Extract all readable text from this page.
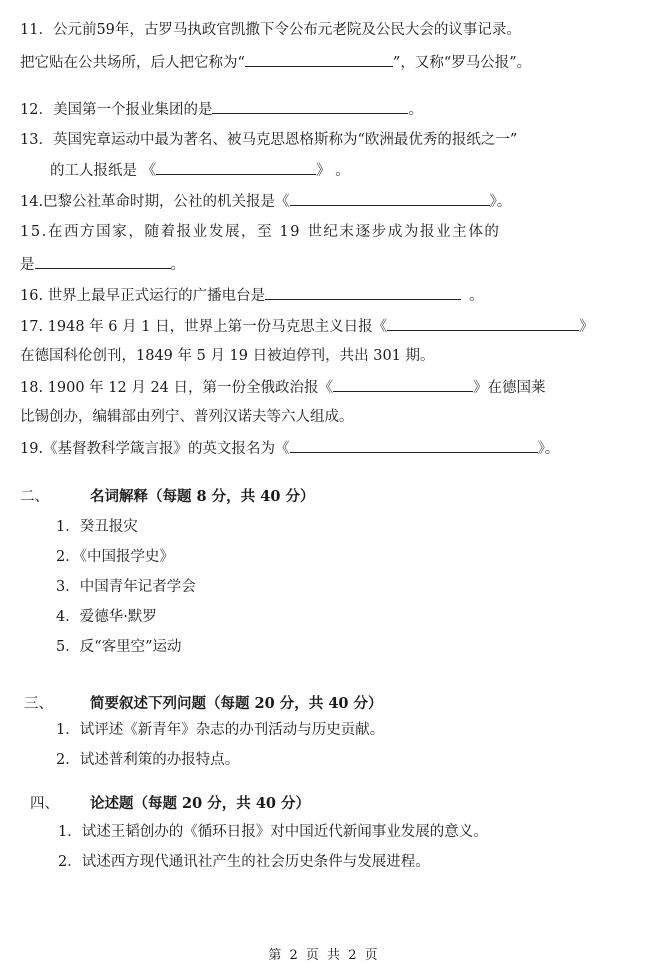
11．公元前59年，古罗马执政官凯撒下令公布元老院及公民大会的议事记录。
把它贴在公共场所，后人把它称为“	”，又称“罗马公报”。
12．美国第一个报业集团的是	。
13．英国宪章运动中最为著名、被马克思恩格斯称为“欧洲最优秀的报纸之一”
的工人报纸是 《	》 。
14.巴黎公社革命时期，公社的机关报是《	》。
15.在西方国家，随着报业发展，至 19 世纪末逐步成为报业主体的
是	。
16. 世界上最早正式运行的广播电台是	。
17. 1948 年 6 月 1 日，世界上第一份马克思主义日报《	》
在德国科伦创刊，1849 年 5 月 19 日被迫停刊，共出 301 期。
18. 1900 年 12 月 24 日，第一份全俄政治报《	》在德国莱
比锡创办，编辑部由列宁、普列汉诺夫等六人组成。
19.《基督教科学箴言报》的英文报名为《	》。
二、	名词解释（每题 8 分，共 40 分）
1．癸丑报灾
2．《中国报学史》
3．中国青年记者学会
4．爱德华·默罗
5．反“客里空”运动
三、	简要叙述下列问题（每题 20 分，共 40 分）
1．试评述《新青年》杂志的办刊活动与历史贡献。
2．试述普利策的办报特点。
四、 论述题（每题 20 分，共 40 分）
1．试述王韬创办的《循环日报》对中国近代新闻事业发展的意义。
2．试述西方现代通讯社产生的社会历史条件与发展进程。
第 2 页 共 2 页
